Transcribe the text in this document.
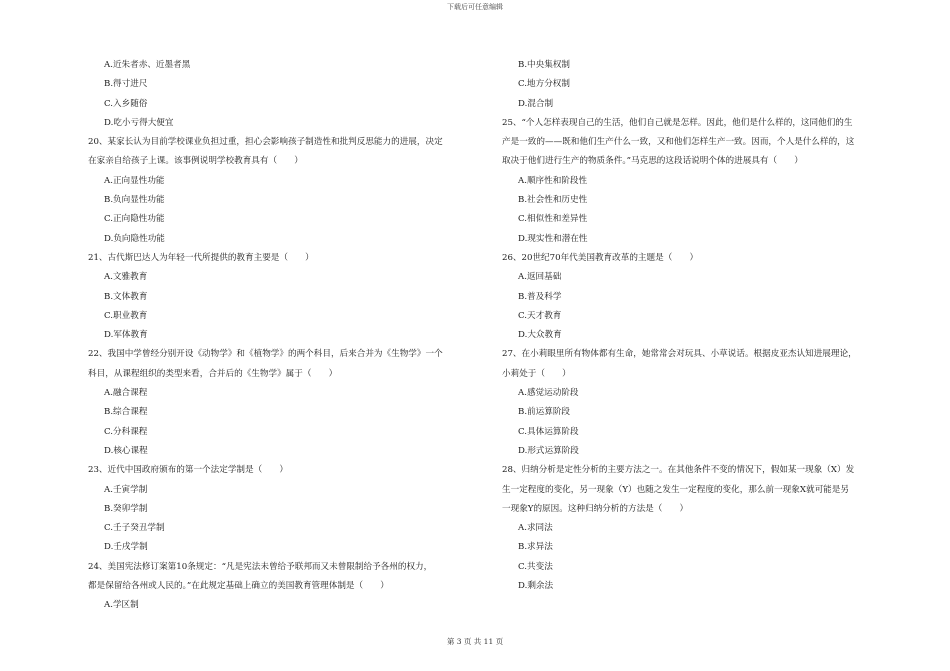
下载后可任意编辑
A.近朱者赤、近墨者黑
B.得寸进尺
C.入乡随俗
D.吃小亏得大便宜
20、某家长认为目前学校课业负担过重，担心会影响孩子制造性和批判反思能力的进展，决定
在家亲自给孩子上课。该事例说明学校教育具有（　　）
A.正向显性功能
B.负向显性功能
C.正向隐性功能
D.负向隐性功能
21、古代斯巴达人为年轻一代所提供的教育主要是（　　）
A.文雅教育
B.文体教育
C.职业教育
D.军体教育
22、我国中学曾经分别开设《动物学》和《植物学》的两个科目，后来合并为《生物学》一个
科目，从课程组织的类型来看，合并后的《生物学》属于（　　）
A.融合课程
B.综合课程
C.分科课程
D.核心课程
23、近代中国政府颁布的第一个法定学制是（　　）
A.壬寅学制
B.癸卯学制
C.壬子癸丑学制
D.壬戌学制
24、美国宪法修订案第10条规定：“凡是宪法未曾给予联邦而又未曾限制给予各州的权力，
都是保留给各州或人民的。”在此规定基础上确立的美国教育管理体制是（　　）
A.学区制
B.中央集权制
C.地方分权制
D.混合制
25、“个人怎样表现自己的生活，他们自己就是怎样。因此，他们是什么样的，这同他们的生
产是一致的——既和他们生产什么一致，又和他们怎样生产一致。因而，个人是什么样的，这
取决于他们进行生产的物质条件。”马克思的这段话说明个体的进展具有（　　）
A.顺序性和阶段性
B.社会性和历史性
C.相似性和差异性
D.现实性和潜在性
26、20世纪70年代美国教育改革的主题是（　　）
A.返回基础
B.普及科学
C.天才教育
D.大众教育
27、在小莉眼里所有物体都有生命，她常常会对玩具、小草说话。根据皮亚杰认知进展理论，
小莉处于（　　）
A.感觉运动阶段
B.前运算阶段
C.具体运算阶段
D.形式运算阶段
28、归纳分析是定性分析的主要方法之一。在其他条件不变的情况下，假如某一现象（X）发
生一定程度的变化，另一现象（Y）也随之发生一定程度的变化，那么前一现象X就可能是另
一现象Y的原因。这种归纳分析的方法是（　　）
A.求同法
B.求异法
C.共变法
D.剩余法
第 3 页 共 11 页
